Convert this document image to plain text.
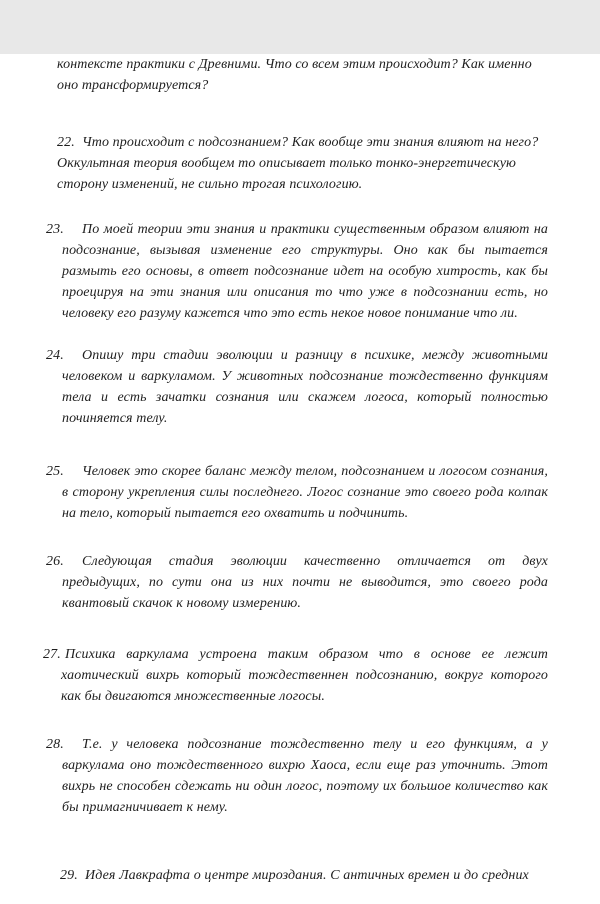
контексте практики с Древними. Что со всем этим происходит? Как именно оно трансформируется?
22. Что происходит с подсознанием? Как вообще эти знания влияют на него? Оккультная теория вообщем то описывает только тонко-энергетическую сторону изменений, не сильно трогая психологию.
23. По моей теории эти знания и практики существенным образом влияют на подсознание, вызывая изменение его структуры. Оно как бы пытается размыть его основы, в ответ подсознание идет на особую хитрость, как бы проецируя на эти знания или описания то что уже в подсознании есть, но человеку его разуму кажется что это есть некое новое понимание что ли.
24. Опишу три стадии эволюции и разницу в психике, между животными человеком и варкуламом. У животных подсознание тождественно функциям тела и есть зачатки сознания или скажем логоса, который полностью починяется телу.
25. Человек это скорее баланс между телом, подсознанием и логосом сознания, в сторону укрепления силы последнего. Логос сознание это своего рода колпак на тело, который пытается его охватить и подчинить.
26. Следующая стадия эволюции качественно отличается от двух предыдущих, по сути она из них почти не выводится, это своего рода квантовый скачок к новому измерению.
27. Психика варкулама устроена таким образом что в основе ее лежит хаотический вихрь который тождественнен подсознанию, вокруг которого как бы двигаются множественные логосы.
28. Т.е. у человека подсознание тождественно телу и его функциям, а у варкулама оно тождественного вихрю Хаоса, если еще раз уточнить. Этот вихрь не способен сдежать ни один логос, поэтому их большое количество как бы примагничивает к нему.
29. Идея Лавкрафта о центре мироздания. С античных времен и до средних
